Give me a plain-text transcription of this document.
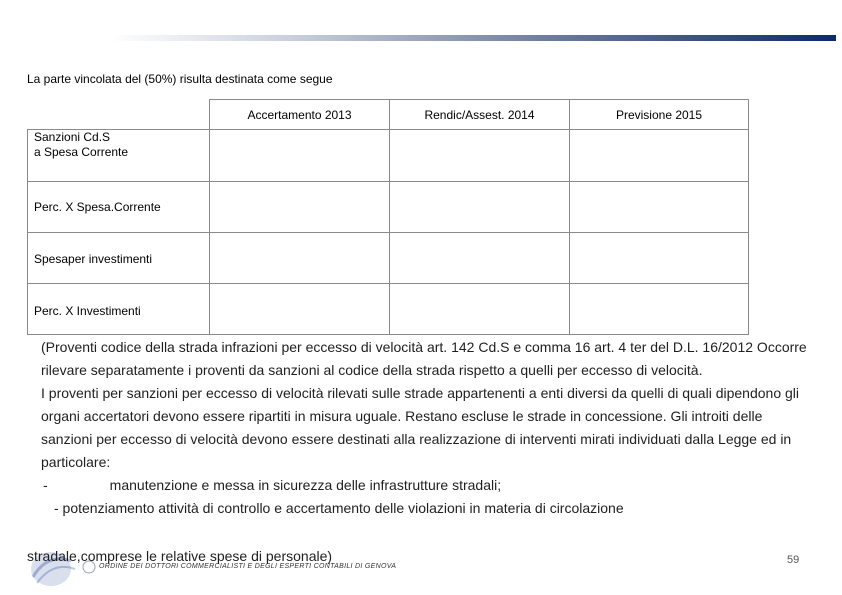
La parte vincolata del (50%) risulta destinata come segue
	Accertamento 2013	Rendic/Assest. 2014	Previsione 2015

Sanzioni Cd.S
a Spesa Corrente			

Perc. X Spesa.Corrente			
Spesaper investimenti			
Perc. X Investimenti			

(Proventi codice della strada infrazioni per eccesso di velocità art. 142 Cd.S e comma 16 art. 4 ter del D.L. 16/2012 Occorre rilevare separatamente i proventi da sanzioni al codice della strada rispetto a quelli per eccesso di velocità.

I proventi per sanzioni per eccesso di velocità rilevati sulle strade appartenenti a enti diversi da quelli di quali dipendono gli organi accertatori devono essere ripartiti in misura uguale. Restano escluse le strade in concessione. Gli introiti delle sanzioni per eccesso di velocità devono essere destinati alla realizzazione di interventi mirati individuati dalla Legge ed in particolare:

-	manutenzione e messa in sicurezza delle infrastrutture stradali;

- potenziamento attività di controllo e accertamento delle violazioni in materia di circolazione

stradale,comprese le relative spese di personale)
ORDINE DEI DOTTORI COMMERCIALISTI E DEGLI ESPERTI CONTABILI DI GENOVA
59
